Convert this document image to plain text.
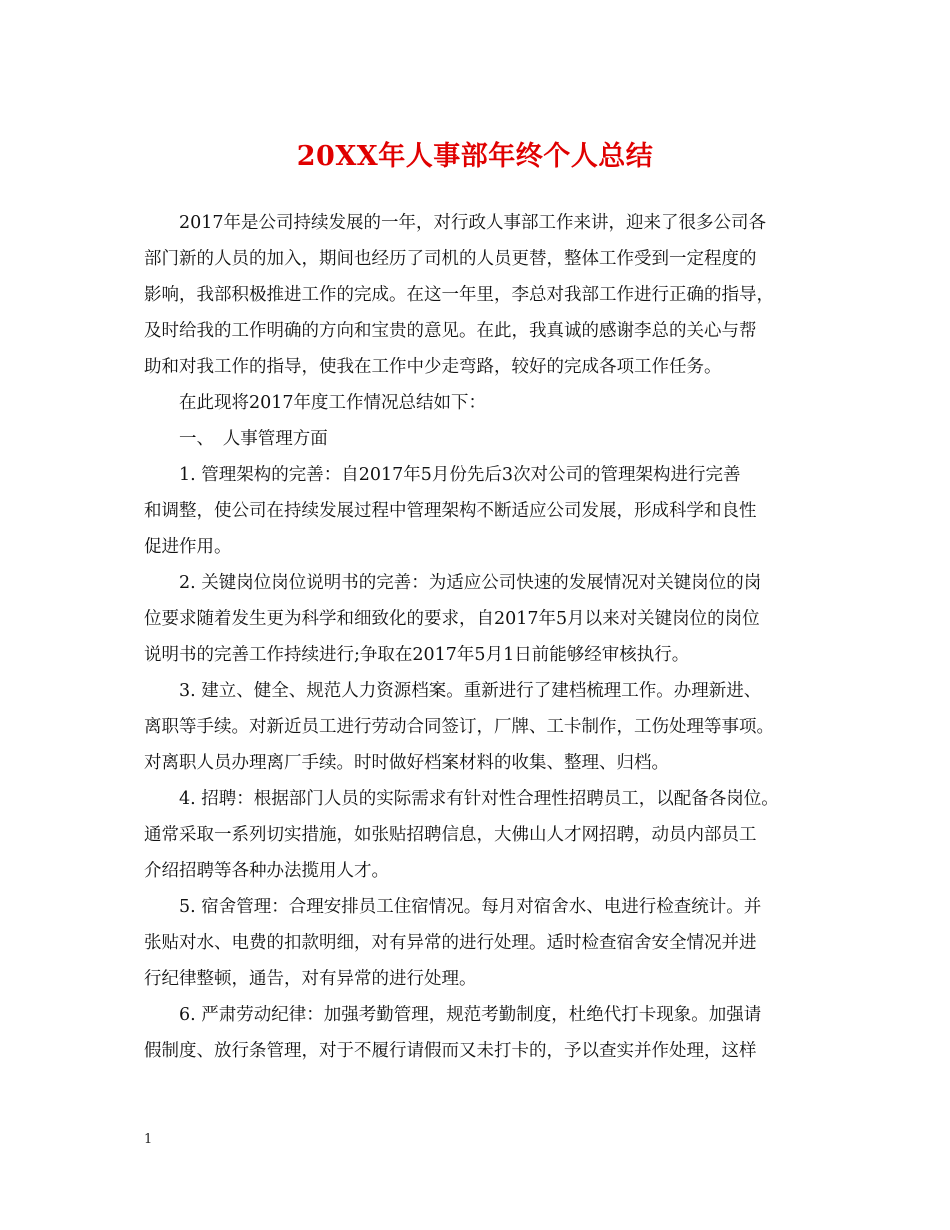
20XX年人事部年终个人总结
　　2017年是公司持续发展的一年，对行政人事部工作来讲，迎来了很多公司各
部门新的人员的加入，期间也经历了司机的人员更替，整体工作受到一定程度的
影响，我部积极推进工作的完成。在这一年里，李总对我部工作进行正确的指导，
及时给我的工作明确的方向和宝贵的意见。在此，我真诚的感谢李总的关心与帮
助和对我工作的指导，使我在工作中少走弯路，较好的完成各项工作任务。
　　在此现将2017年度工作情况总结如下：
　　一、　人事管理方面
　　1. 管理架构的完善：自2017年5月份先后3次对公司的管理架构进行完善
和调整，使公司在持续发展过程中管理架构不断适应公司发展，形成科学和良性
促进作用。
　　2. 关键岗位岗位说明书的完善：为适应公司快速的发展情况对关键岗位的岗
位要求随着发生更为科学和细致化的要求，自2017年5月以来对关键岗位的岗位
说明书的完善工作持续进行;争取在2017年5月1日前能够经审核执行。
　　3. 建立、健全、规范人力资源档案。重新进行了建档梳理工作。办理新进、
离职等手续。对新近员工进行劳动合同签订，厂牌、工卡制作，工伤处理等事项。
对离职人员办理离厂手续。时时做好档案材料的收集、整理、归档。
　　4. 招聘：根据部门人员的实际需求有针对性合理性招聘员工，以配备各岗位。
通常采取一系列切实措施，如张贴招聘信息，大佛山人才网招聘，动员内部员工
介绍招聘等各种办法揽用人才。
　　5. 宿舍管理：合理安排员工住宿情况。每月对宿舍水、电进行检查统计。并
张贴对水、电费的扣款明细，对有异常的进行处理。适时检查宿舍安全情况并进
行纪律整顿，通告，对有异常的进行处理。
　　6. 严肃劳动纪律：加强考勤管理，规范考勤制度，杜绝代打卡现象。加强请
假制度、放行条管理，对于不履行请假而又未打卡的，予以查实并作处理，这样
1
